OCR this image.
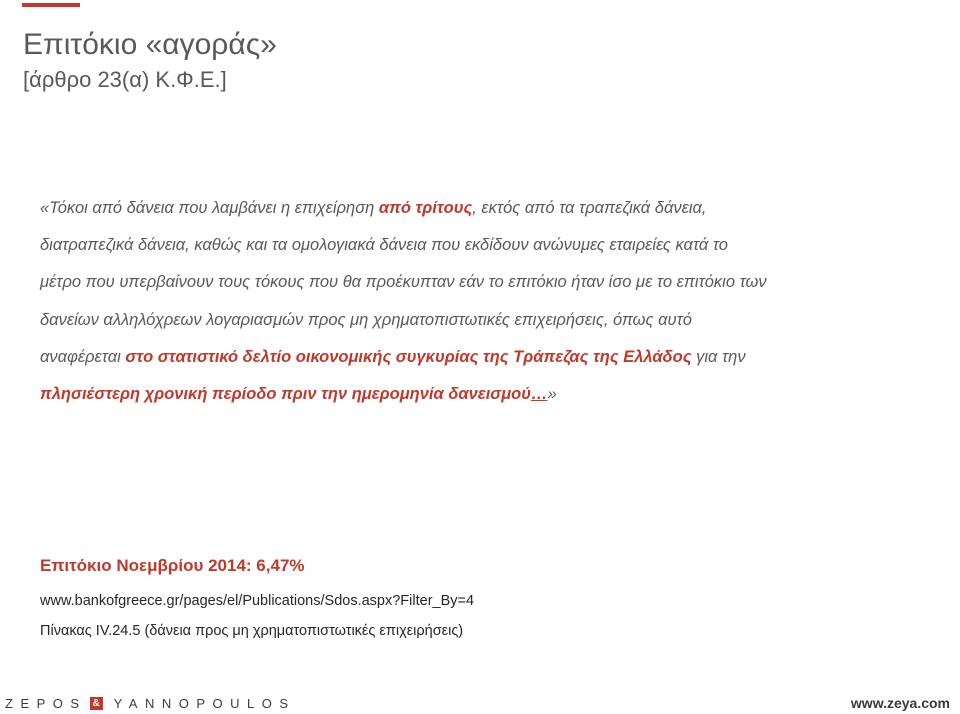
Επιτόκιο «αγοράς»
[άρθρο 23(α) Κ.Φ.Ε.]
«Τόκοι από δάνεια που λαμβάνει η επιχείρηση από τρίτους, εκτός από τα τραπεζικά δάνεια,
διατραπεζικά δάνεια, καθώς και τα ομολογιακά δάνεια που εκδίδουν ανώνυμες εταιρείες κατά το
μέτρο που υπερβαίνουν τους τόκους που θα προέκυπταν εάν το επιτόκιο ήταν ίσο με το επιτόκιο των
δανείων αλληλόχρεων λογαριασμών προς μη χρηματοπιστωτικές επιχειρήσεις, όπως αυτό
αναφέρεται στο στατιστικό δελτίο οικονομικής συγκυρίας της Τράπεζας της Ελλάδος για την
πλησιέστερη χρονική περίοδο πριν την ημερομηνία δανεισμού…»
Επιτόκιο Νοεμβρίου 2014: 6,47%
www.bankofgreece.gr/pages/el/Publications/Sdos.aspx?Filter_By=4
Πίνακας IV.24.5 (δάνεια προς μη χρηματοπιστωτικές επιχειρήσεις)
ZEPOS & YANNOPOULOS	www.zeya.com
